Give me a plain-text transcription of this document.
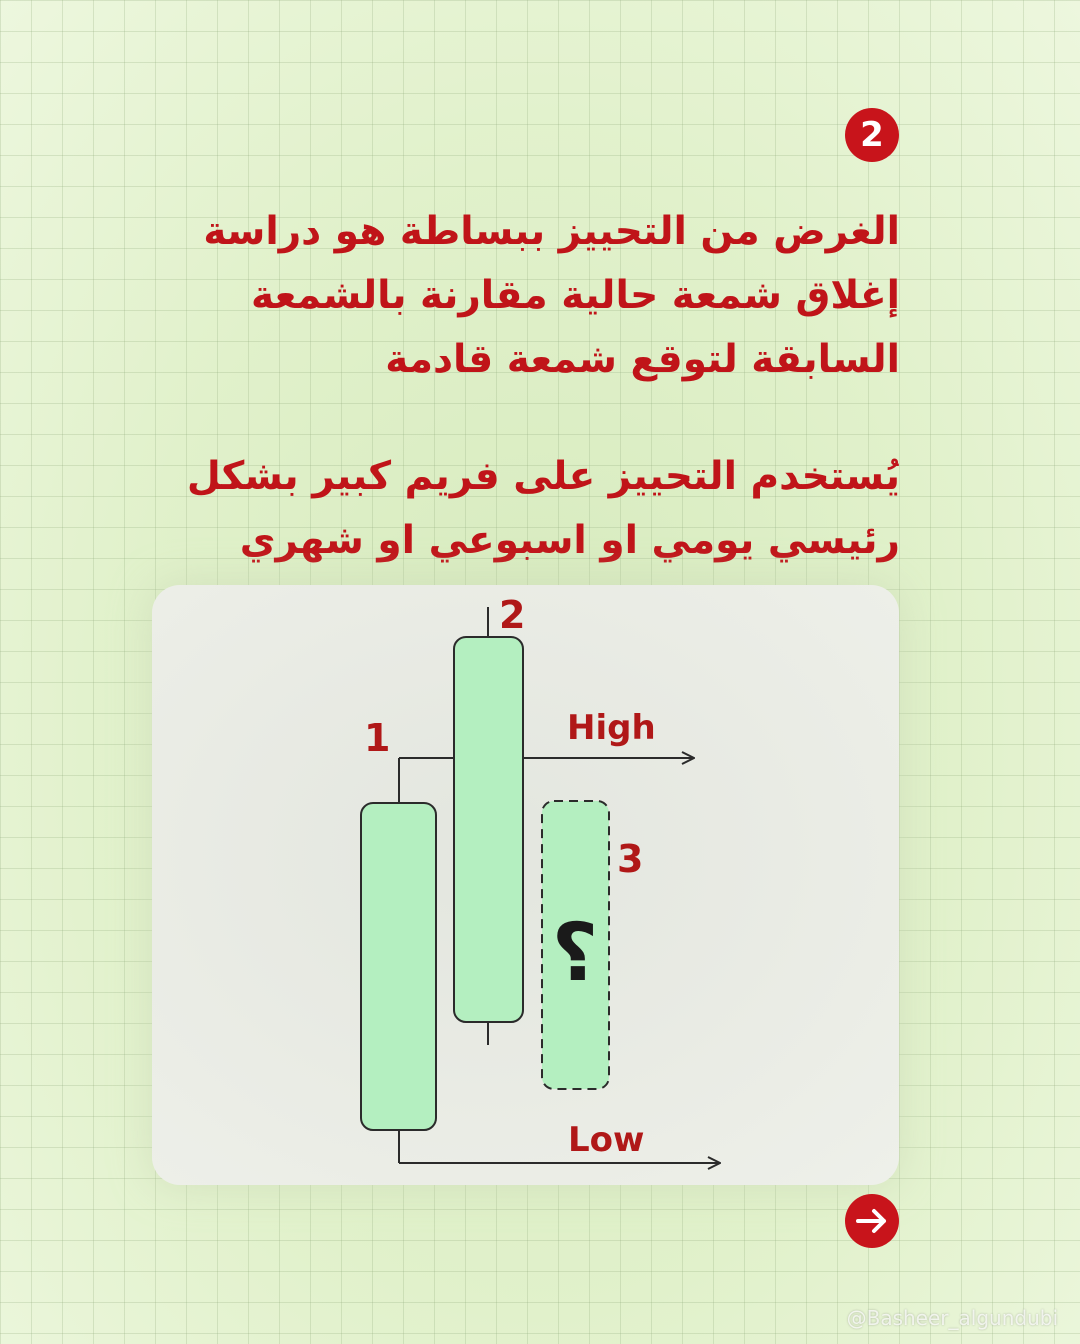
2
الغرض من التحييز ببساطة هو دراسة
إغلاق شمعة حالية مقارنة بالشمعة
السابقة لتوقع شمعة قادمة
يُستخدم التحييز على فريم كبير بشكل
رئيسي يومي او اسبوعي او شهري
؟
1
2
3
High
Low
@Basheer_algundubi
